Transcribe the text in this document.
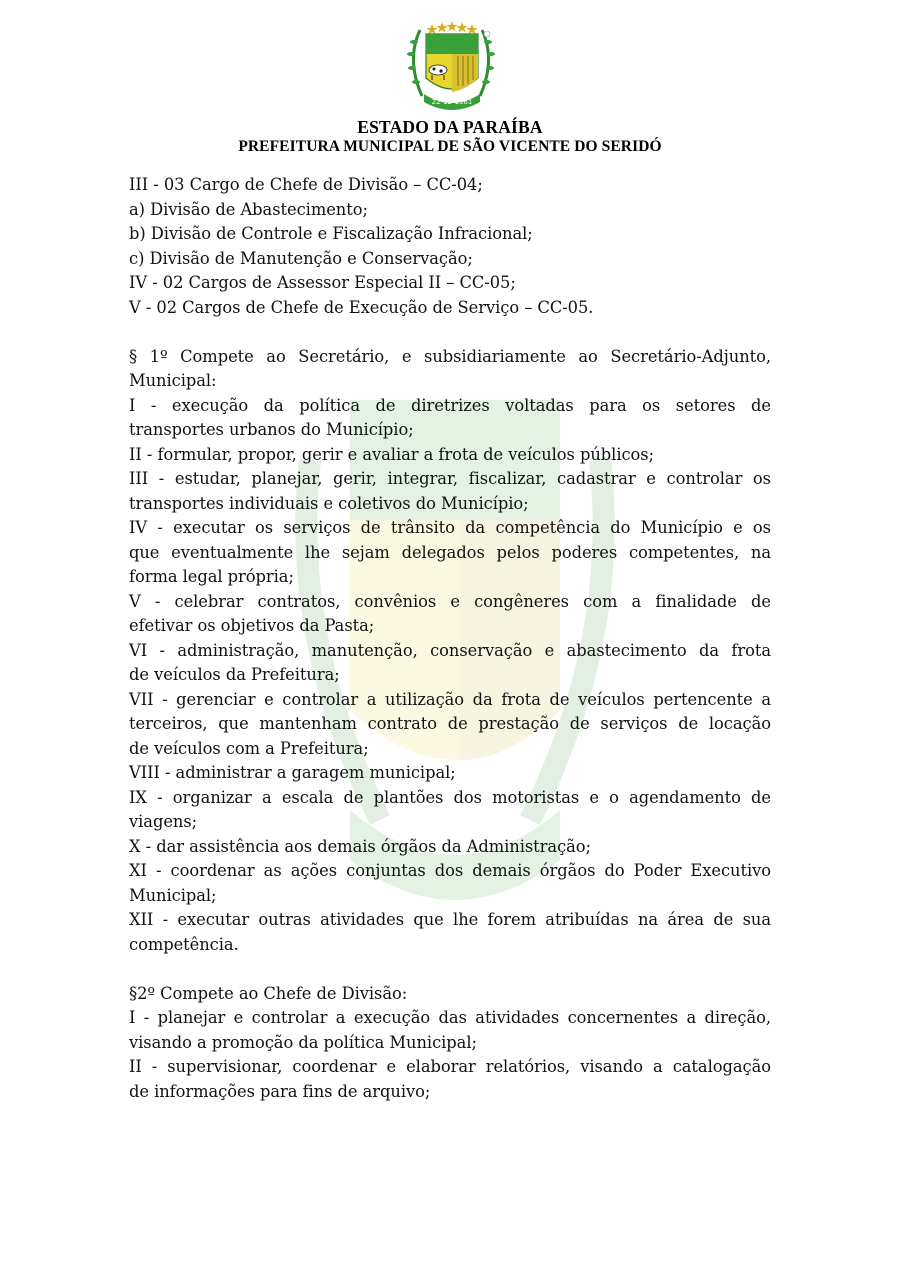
22-12-1961
ESTADO DA PARAÍBA
PREFEITURA MUNICIPAL DE SÃO VICENTE DO SERIDÓ
III - 03 Cargo de Chefe de Divisão – CC-04;
a) Divisão de Abastecimento;
b) Divisão de Controle e Fiscalização Infracional;
c) Divisão de Manutenção e Conservação;
IV - 02 Cargos de Assessor Especial II – CC-05;
V - 02 Cargos de Chefe de Execução de Serviço – CC-05.
§ 1º Compete ao Secretário, e subsidiariamente ao Secretário-Adjunto,
Municipal:
I - execução da política de diretrizes voltadas para os setores de
transportes urbanos do Município;
II - formular, propor, gerir e avaliar a frota de veículos públicos;
III - estudar, planejar, gerir, integrar, fiscalizar, cadastrar e controlar os
transportes individuais e coletivos do Município;
IV - executar os serviços de trânsito da competência do Município e os
que eventualmente lhe sejam delegados pelos poderes competentes, na
forma legal própria;
V - celebrar contratos, convênios e congêneres com a finalidade de
efetivar os objetivos da Pasta;
VI - administração, manutenção, conservação e abastecimento da frota
de veículos da Prefeitura;
VII - gerenciar e controlar a utilização da frota de veículos pertencente a
terceiros, que mantenham contrato de prestação de serviços de locação
de veículos com a Prefeitura;
VIII - administrar a garagem municipal;
IX - organizar a escala de plantões dos motoristas e o agendamento de
viagens;
X - dar assistência aos demais órgãos da Administração;
XI - coordenar as ações conjuntas dos demais órgãos do Poder Executivo
Municipal;
XII - executar outras atividades que lhe forem atribuídas na área de sua
competência.
§2º Compete ao Chefe de Divisão:
I - planejar e controlar a execução das atividades concernentes a direção,
visando a promoção da política Municipal;
II - supervisionar, coordenar e elaborar relatórios, visando a catalogação
de informações para fins de arquivo;
